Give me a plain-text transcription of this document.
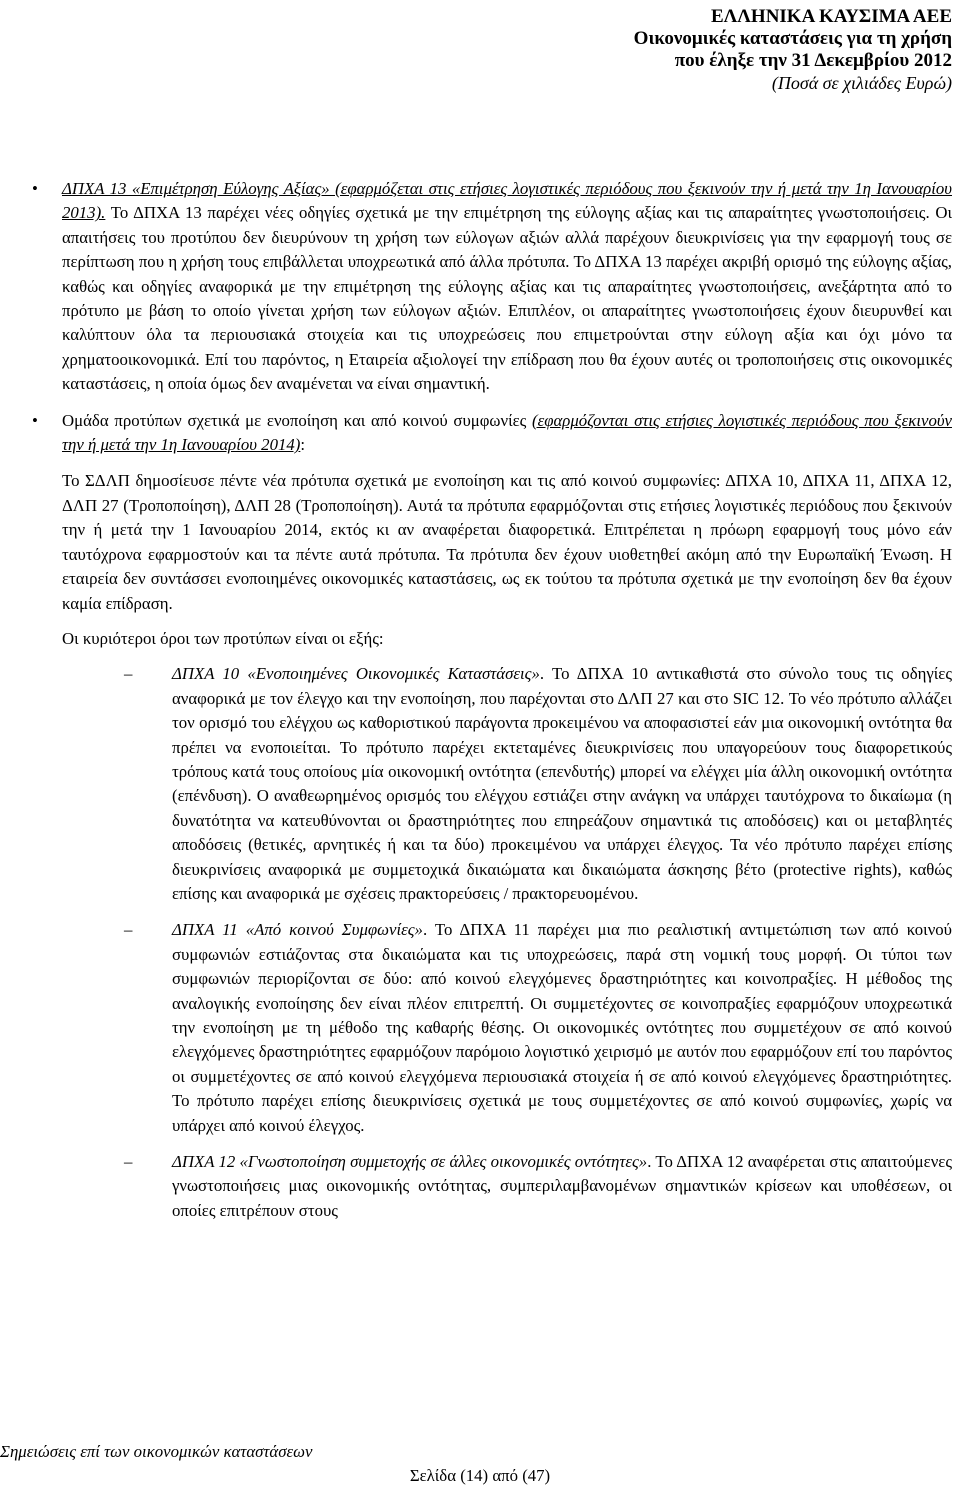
ΕΛΛΗΝΙΚΑ ΚΑΥΣΙΜΑ ΑΕΕ
Οικονομικές καταστάσεις για τη χρήση
που έληξε την 31 Δεκεμβρίου 2012
(Ποσά σε χιλιάδες Ευρώ)
• ΔΠΧΑ 13 «Επιμέτρηση Εύλογης Αξίας» (εφαρμόζεται στις ετήσιες λογιστικές περιόδους που ξεκινούν την ή μετά την 1η Ιανουαρίου 2013). Το ΔΠΧΑ 13 παρέχει νέες οδηγίες σχετικά με την επιμέτρηση της εύλογης αξίας και τις απαραίτητες γνωστοποιήσεις. Οι απαιτήσεις του προτύπου δεν διευρύνουν τη χρήση των εύλογων αξιών αλλά παρέχουν διευκρινίσεις για την εφαρμογή τους σε περίπτωση που η χρήση τους επιβάλλεται υποχρεωτικά από άλλα πρότυπα. Το ΔΠΧΑ 13 παρέχει ακριβή ορισμό της εύλογης αξίας, καθώς και οδηγίες αναφορικά με την επιμέτρηση της εύλογης αξίας και τις απαραίτητες γνωστοποιήσεις, ανεξάρτητα από το πρότυπο με βάση το οποίο γίνεται χρήση των εύλογων αξιών. Επιπλέον, οι απαραίτητες γνωστοποιήσεις έχουν διευρυνθεί και καλύπτουν όλα τα περιουσιακά στοιχεία και τις υποχρεώσεις που επιμετρούνται στην εύλογη αξία και όχι μόνο τα χρηματοοικονομικά. Επί του παρόντος, η Εταιρεία αξιολογεί την επίδραση που θα έχουν αυτές οι τροποποιήσεις στις οικονομικές καταστάσεις, η οποία όμως δεν αναμένεται να είναι σημαντική.
• Ομάδα προτύπων σχετικά με ενοποίηση και από κοινού συμφωνίες (εφαρμόζονται στις ετήσιες λογιστικές περιόδους που ξεκινούν την ή μετά την 1η Ιανουαρίου 2014):

Το ΣΔΛΠ δημοσίευσε πέντε νέα πρότυπα σχετικά με ενοποίηση και τις από κοινού συμφωνίες: ΔΠΧΑ 10, ΔΠΧΑ 11, ΔΠΧΑ 12, ΔΛΠ 27 (Τροποποίηση), ΔΛΠ 28 (Τροποποίηση). Αυτά τα πρότυπα εφαρμόζονται στις ετήσιες λογιστικές περιόδους που ξεκινούν την ή μετά την 1 Ιανουαρίου 2014, εκτός κι αν αναφέρεται διαφορετικά. Επιτρέπεται η πρόωρη εφαρμογή τους μόνο εάν ταυτόχρονα εφαρμοστούν και τα πέντε αυτά πρότυπα. Τα πρότυπα δεν έχουν υιοθετηθεί ακόμη από την Ευρωπαϊκή Ένωση. Η εταιρεία δεν συντάσσει ενοποιημένες οικονομικές καταστάσεις, ως εκ τούτου τα πρότυπα σχετικά με την ενοποίηση δεν θα έχουν καμία επίδραση.

Οι κυριότεροι όροι των προτύπων είναι οι εξής:

– ΔΠΧΑ 10 «Ενοποιημένες Οικονομικές Καταστάσεις». Το ΔΠΧΑ 10 αντικαθιστά στο σύνολο τους τις οδηγίες αναφορικά με τον έλεγχο και την ενοποίηση, που παρέχονται στο ΔΛΠ 27 και στο SIC 12. Το νέο πρότυπο αλλάζει τον ορισμό του ελέγχου ως καθοριστικού παράγοντα προκειμένου να αποφασιστεί εάν μια οικονομική οντότητα θα πρέπει να ενοποιείται. Το πρότυπο παρέχει εκτεταμένες διευκρινίσεις που υπαγορεύουν τους διαφορετικούς τρόπους κατά τους οποίους μία οικονομική οντότητα (επενδυτής) μπορεί να ελέγχει μία άλλη οικονομική οντότητα (επένδυση). Ο αναθεωρημένος ορισμός του ελέγχου εστιάζει στην ανάγκη να υπάρχει ταυτόχρονα το δικαίωμα (η δυνατότητα να κατευθύνονται οι δραστηριότητες που επηρεάζουν σημαντικά τις αποδόσεις) και οι μεταβλητές αποδόσεις (θετικές, αρνητικές ή και τα δύο) προκειμένου να υπάρχει έλεγχος. Τα νέο πρότυπο παρέχει επίσης διευκρινίσεις αναφορικά με συμμετοχικά δικαιώματα και δικαιώματα άσκησης βέτο (protective rights), καθώς επίσης και αναφορικά με σχέσεις πρακτορεύσεις / πρακτορευομένου.
– ΔΠΧΑ 11 «Από κοινού Συμφωνίες». Το ΔΠΧΑ 11 παρέχει μια πιο ρεαλιστική αντιμετώπιση των από κοινού συμφωνιών εστιάζοντας στα δικαιώματα και τις υποχρεώσεις, παρά στη νομική τους μορφή. Οι τύποι των συμφωνιών περιορίζονται σε δύο: από κοινού ελεγχόμενες δραστηριότητες και κοινοπραξίες. Η μέθοδος της αναλογικής ενοποίησης δεν είναι πλέον επιτρεπτή. Οι συμμετέχοντες σε κοινοπραξίες εφαρμόζουν υποχρεωτικά την ενοποίηση με τη μέθοδο της καθαρής θέσης. Οι οικονομικές οντότητες που συμμετέχουν σε από κοινού ελεγχόμενες δραστηριότητες εφαρμόζουν παρόμοιο λογιστικό χειρισμό με αυτόν που εφαρμόζουν επί του παρόντος οι συμμετέχοντες σε από κοινού ελεγχόμενα περιουσιακά στοιχεία ή σε από κοινού ελεγχόμενες δραστηριότητες. Το πρότυπο παρέχει επίσης διευκρινίσεις σχετικά με τους συμμετέχοντες σε από κοινού συμφωνίες, χωρίς να υπάρχει από κοινού έλεγχος.
– ΔΠΧΑ 12 «Γνωστοποίηση συμμετοχής σε άλλες οικονομικές οντότητες». Το ΔΠΧΑ 12 αναφέρεται στις απαιτούμενες γνωστοποιήσεις μιας οικονομικής οντότητας, συμπεριλαμβανομένων σημαντικών κρίσεων και υποθέσεων, οι οποίες επιτρέπουν στους
Σημειώσεις επί των οικονομικών καταστάσεων
Σελίδα (14) από (47)
